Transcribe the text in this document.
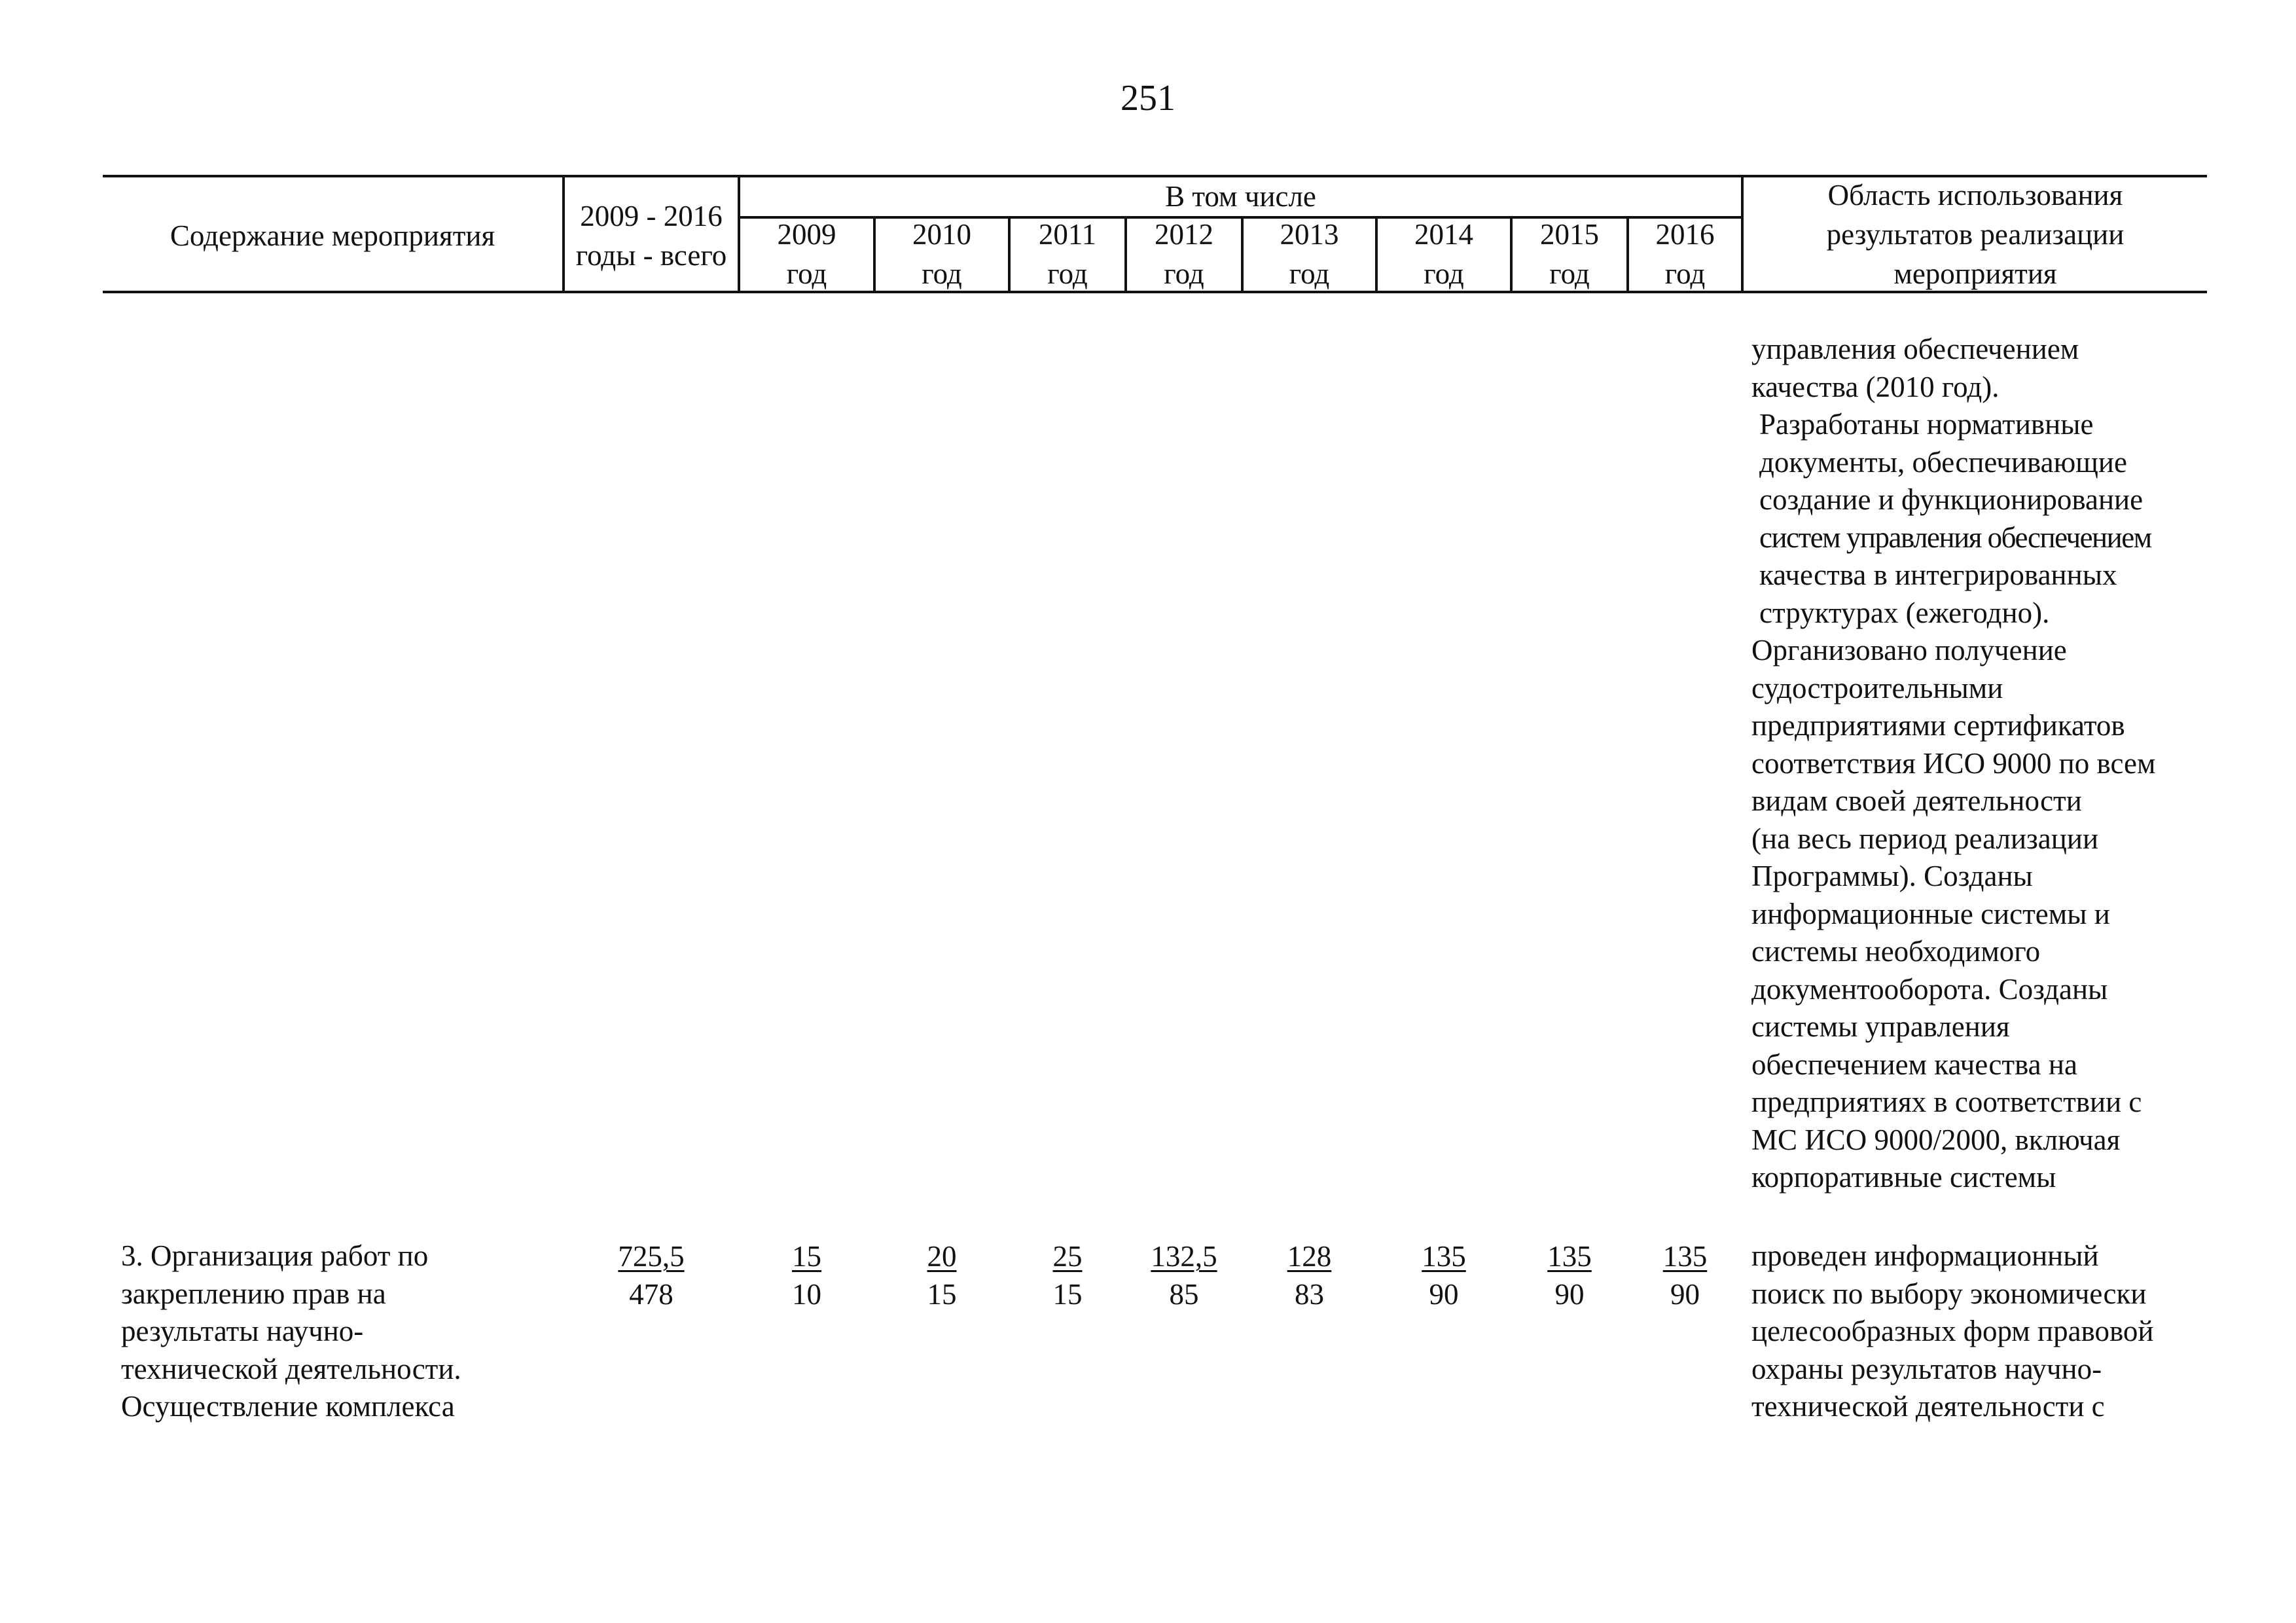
251
Содержание мероприятия
2009 - 2016
годы - всего
В том числе	Область использования
результатов реализации
мероприятия
2009
год
2010
год
2011
год
2012
год
2013
год
2014
год
2015
год
2016
год
управления обеспечением
качества (2010 год).
Разработаны нормативные
документы, обеспечивающие
создание и функционирование
систем управления обеспечением
качества в интегрированных
структурах (ежегодно).
Организовано получение
судостроительными
предприятиями сертификатов
соответствия ИСО 9000 по всем
видам своей деятельности
(на весь период реализации
Программы). Созданы
информационные системы и
системы необходимого
документооборота. Созданы
системы управления
обеспечением качества на
предприятиях в соответствии с
МС ИСО 9000/2000, включая
корпоративные системы
3. Организация работ по
закреплению прав на
результаты научно-
технической деятельности.
Осуществление комплекса
725,5
478
15
10
20
15
25
15
132,5
85
128
83
135
90
135
90
135
90
проведен информационный
поиск по выбору экономически
целесообразных форм правовой
охраны результатов научно-
технической деятельности с
